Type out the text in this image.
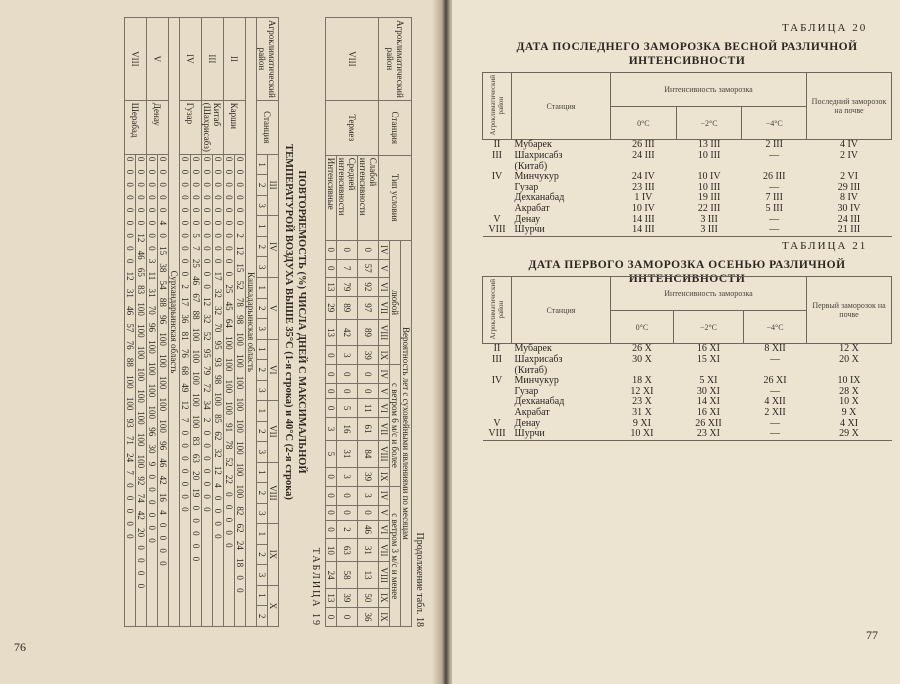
76
Продолжение табл. 18
Агроклиматический район	Станция	Тип условия	Вероятность лет с суховейными явлениями по месяцам																		
			любой						с ветром 6 м/с и более						с ветром 3 м/с и менее						
			IV	V	VI	VII	VIII	IX	IV	V	VI	VII	VIII	IX	IV	V	VI	VII	VIII	IX	IX
VIII	Термез	Слабой интенсивности	0	57	92	97	89	39	0	0	11	61	84	39	3	0	46	31	13	50	36
		Средней интенсивности	0	7	79	89	42	3	0	0	5	16	31	3	0	0	2	63	58	39	0
		Интенсивные	0	0	13	29	13	0	0	0	0	3	5	0	0	0	0	10	24	13	0
ТАБЛИЦА 19
ПОВТОРЯЕМОСТЬ (%) ЧИСЛА ДНЕЙ С МАКСИМАЛЬНОЙ
ТЕМПЕРАТУРОЙ ВОЗДУХА ВЫШЕ 35°С (1-я строка) и 40°С (2-я строка)
Агроклиматический район	Станция	III			IV			V			VI			VII			VIII			IX			X	
		1	2	3	1	2	3	1	2	3	1	2	3	1	2	3	1	2	3	1	2	3	1	2
Кашкадарьинская область																								
II	Карши	0 0 0 0 0 0 2 12 15 52 78 98 100 100 100 100 100 100 100 100 82 62 24 18 0 0																						
		0 0 0 0 0 0 0 0 0 0 25 45 64 100 100 100 100 91 78 52 22 0 0 0 0 0																						
III	Китаб (Шахрисабз)	0 0 0 0 0 0 0 0 0 17 32 32 70 95 93 98 100 85 62 32 12 4 0 0 0 0																						
		0 0 0 0 0 0 0 0 0 0 0 12 32 52 95 79 72 34 2 0 0 0 0 0 0 0																						
IV	Гузар	0 0 0 0 0 0 5 7 25 46 67 88 100 100 100 100 100 83 63 20 19 0 0 0 0 0																						
		0 0 0 0 0 0 0 0 0 0 2 17 36 81 76 68 49 12 7 0 0 0 0 0 0 0																						
Сурхандарьинская область																								
V	Денау	0 0 0 0 0 4 0 15 38 54 88 96 100 100 100 100 100 96 46 42 16 4 0 0 0 0																						
		0 0 0 0 0 0 0 0 3 11 31 70 96 100 100 100 100 96 30 9 0 0 0 0 0 0																						
VIII	Шерабад	0 0 0 0 0 0 12 46 65 83 100 100 100 100 100 100 100 100 92 74 42 20 0 0 0 0																						
		0 0 0 0 0 0 0 0 0 12 31 46 57 76 88 100 100 93 71 24 7 0 0 0 0 0																						
ТАБЛИЦА 20
ДАТА ПОСЛЕДНЕГО ЗАМОРОЗКА ВЕСНОЙ РАЗЛИЧНОЙ
ИНТЕНСИВНОСТИ
Агроклиматический район	Станция	Интенсивность заморозка			Последний заморозок на почве
		0°C	−2°C	−4°C	
II	Мубарек	26 III	13 III	2 III	4 IV
III	Шахрисабз	24 III	10 III	—	2 IV
	(Китаб)				
IV	Минчукур	24 IV	10 IV	26 III	2 VI
	Гузар	23 III	10 III	—	29 III
	Дехканабад	1 IV	19 III	7 III	8 IV
	Акрабат	10 IV	22 III	5 III	30 IV
V	Денау	14 III	3 III	—	24 III
VIII	Шурчи	14 III	3 III	—	21 III
ТАБЛИЦА 21
ДАТА ПЕРВОГО ЗАМОРОЗКА ОСЕНЬЮ РАЗЛИЧНОЙ ИНТЕНСИВНОСТИ
Агроклиматический район	Станция	Интенсивность заморозка			Первый заморозок на почве
		0°C	−2°C	−4°C	
II	Мубарек	26 X	16 XI	8 XII	12 X
III	Шахрисабз	30 X	15 XI	—	20 X
	(Китаб)				
IV	Минчукур	18 X	5 XI	26 XI	10 IX
	Гузар	12 XI	30 XI	—	28 X
	Дехканабад	23 X	14 XI	4 XII	10 X
	Акрабат	31 X	16 XI	2 XII	9 X
V	Денау	9 XI	26 XII	—	4 XI
VIII	Шурчи	10 XI	23 XI	—	29 X
77
